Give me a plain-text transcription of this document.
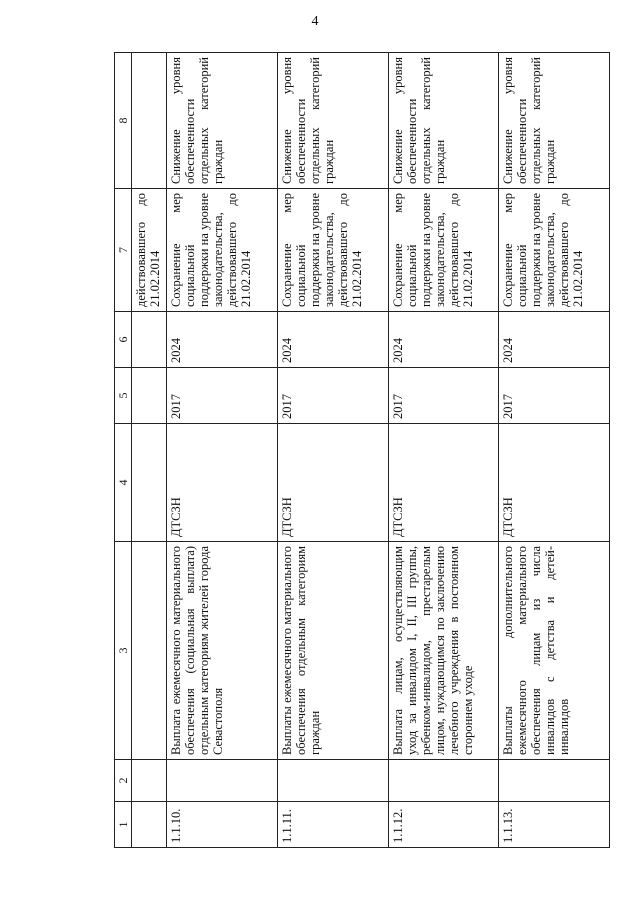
4
1	2	3	4	5	6	7	8
						действовавшего до 21.02.2014	
1.1.10.		Выплата ежемесячного материального обеспечения (социальная выплата) отдельным категориям жителей города Севастополя	ДТСЗН	2017	2024	Сохранение мер социальной поддержки на уровне законодательства, действовавшего до 21.02.2014	Снижение уровня обеспеченности отдельных категорий граждан
1.1.11.		Выплаты ежемесячного материального обеспечения отдельным категориям граждан	ДТСЗН	2017	2024	Сохранение мер социальной поддержки на уровне законодательства, действовавшего до 21.02.2014	Снижение уровня обеспеченности отдельных категорий граждан
1.1.12.		Выплата лицам, осуществляющим уход за инвалидом I, II, III группы, ребенком-инвалидом, престарелым лицом, нуждающимся по заключению лечебного учреждения в постоянном стороннем уходе	ДТСЗН	2017	2024	Сохранение мер социальной поддержки на уровне законодательства, действовавшего до 21.02.2014	Снижение уровня обеспеченности отдельных категорий граждан
1.1.13.		Выплаты дополнительного ежемесячного материального обеспечения лицам из числа инвалидов с детства и детей-инвалидов	ДТСЗН	2017	2024	Сохранение мер социальной поддержки на уровне законодательства, действовавшего до 21.02.2014	Снижение уровня обеспеченности отдельных категорий граждан
